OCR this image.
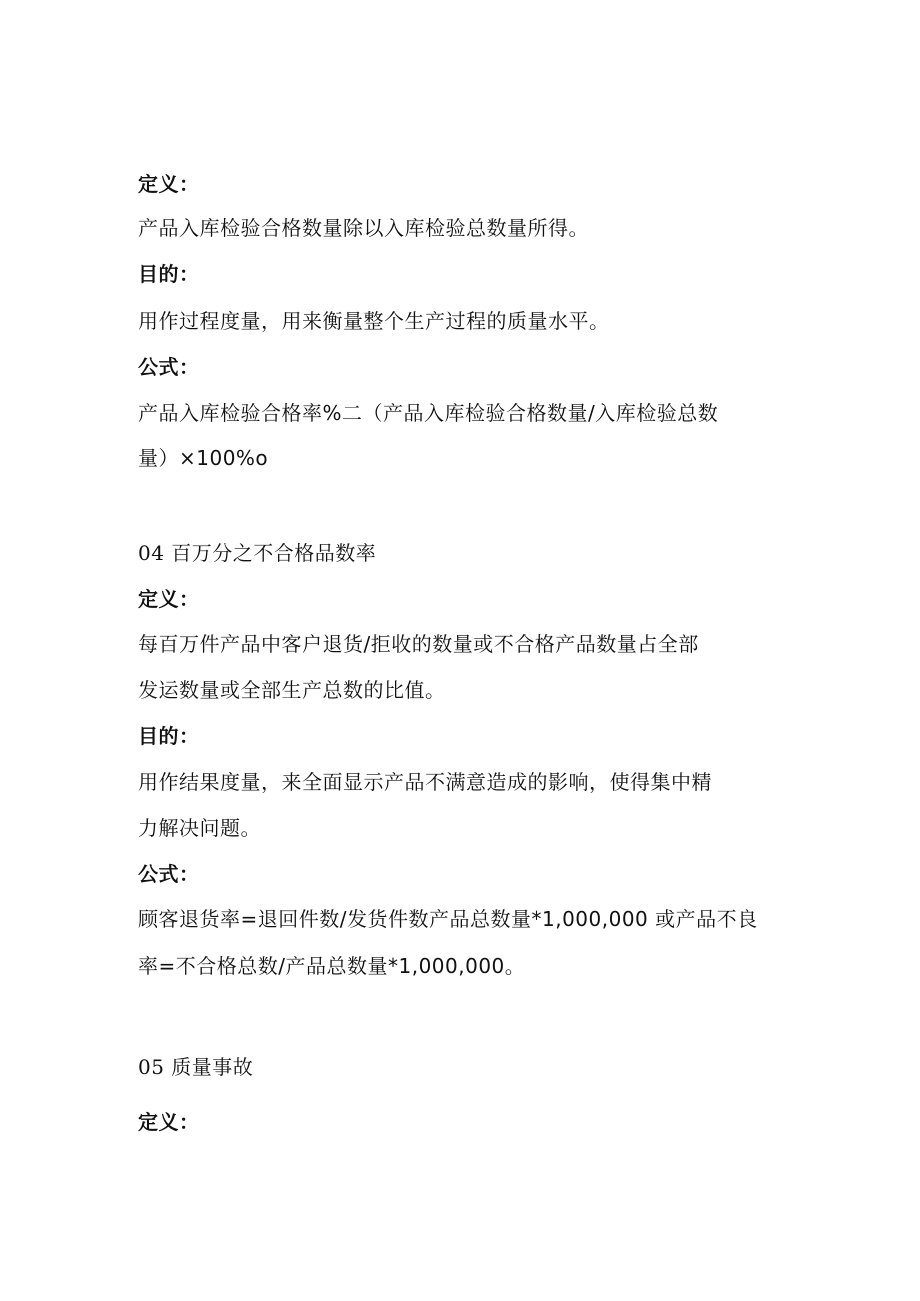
定义：
产品入库检验合格数量除以入库检验总数量所得。
目的：
用作过程度量，用来衡量整个生产过程的质量水平。
公式：
产品入库检验合格率%二（产品入库检验合格数量/入库检验总数
量）×100%o
04 百万分之不合格品数率
定义：
每百万件产品中客户退货/拒收的数量或不合格产品数量占全部
发运数量或全部生产总数的比值。
目的：
用作结果度量，来全面显示产品不满意造成的影响，使得集中精
力解决问题。
公式：
顾客退货率=退回件数/发货件数产品总数量*1,000,000 或产品不良
率=不合格总数/产品总数量*1,000,000。
05 质量事故
定义：
